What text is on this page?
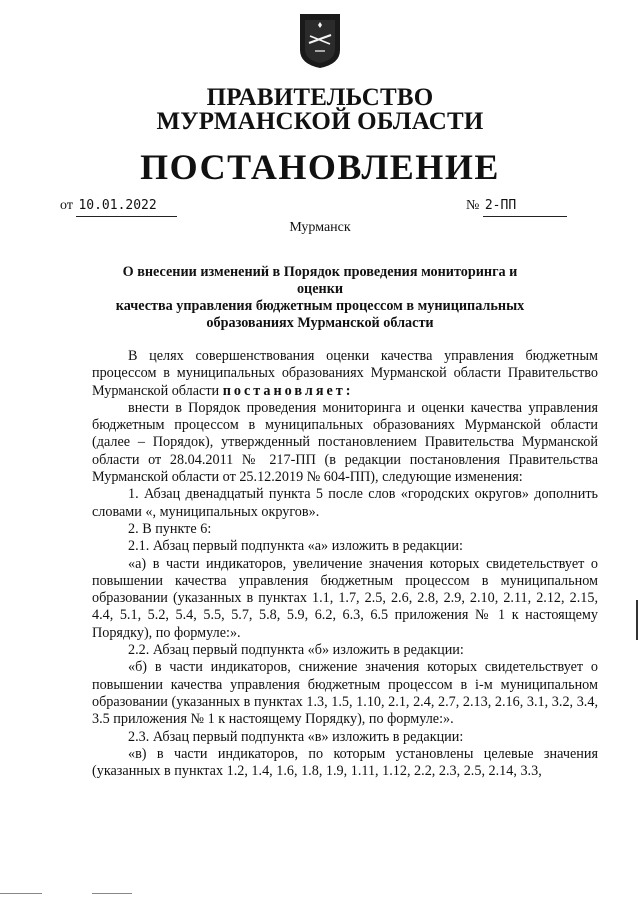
ПРАВИТЕЛЬСТВО
МУРМАНСКОЙ ОБЛАСТИ
ПОСТАНОВЛЕНИЕ
от 10.01.2022	№ 2-ПП
Мурманск
О внесении изменений в Порядок проведения мониторинга и оценки
качества управления бюджетным процессом в муниципальных
образованиях Мурманской области

В целях совершенствования оценки качества управления бюджетным процессом в муниципальных образованиях Мурманской области Правительство Мурманской области постановляет:

внести в Порядок проведения мониторинга и оценки качества управления бюджетным процессом в муниципальных образованиях Мурманской области (далее – Порядок), утвержденный постановлением Правительства Мурманской области от 28.04.2011 № 217-ПП (в редакции постановления Правительства Мурманской области от 25.12.2019 № 604-ПП), следующие изменения:

1. Абзац двенадцатый пункта 5 после слов «городских округов» дополнить словами «, муниципальных округов».

2. В пункте 6:

2.1. Абзац первый подпункта «а» изложить в редакции:

«а) в части индикаторов, увеличение значения которых свидетельствует о повышении качества управления бюджетным процессом в муниципальном образовании (указанных в пунктах 1.1, 1.7, 2.5, 2.6, 2.8, 2.9, 2.10, 2.11, 2.12, 2.15, 4.4, 5.1, 5.2, 5.4, 5.5, 5.7, 5.8, 5.9, 6.2, 6.3, 6.5 приложения № 1 к настоящему Порядку), по формуле:».

2.2. Абзац первый подпункта «б» изложить в редакции:

«б) в части индикаторов, снижение значения которых свидетельствует о повышении качества управления бюджетным процессом в i-м муниципальном образовании (указанных в пунктах 1.3, 1.5, 1.10, 2.1, 2.4, 2.7, 2.13, 2.16, 3.1, 3.2, 3.4, 3.5 приложения № 1 к настоящему Порядку), по формуле:».

2.3. Абзац первый подпункта «в» изложить в редакции:

«в) в части индикаторов, по которым установлены целевые значения (указанных в пунктах 1.2, 1.4, 1.6, 1.8, 1.9, 1.11, 1.12, 2.2, 2.3, 2.5, 2.14, 3.3,
